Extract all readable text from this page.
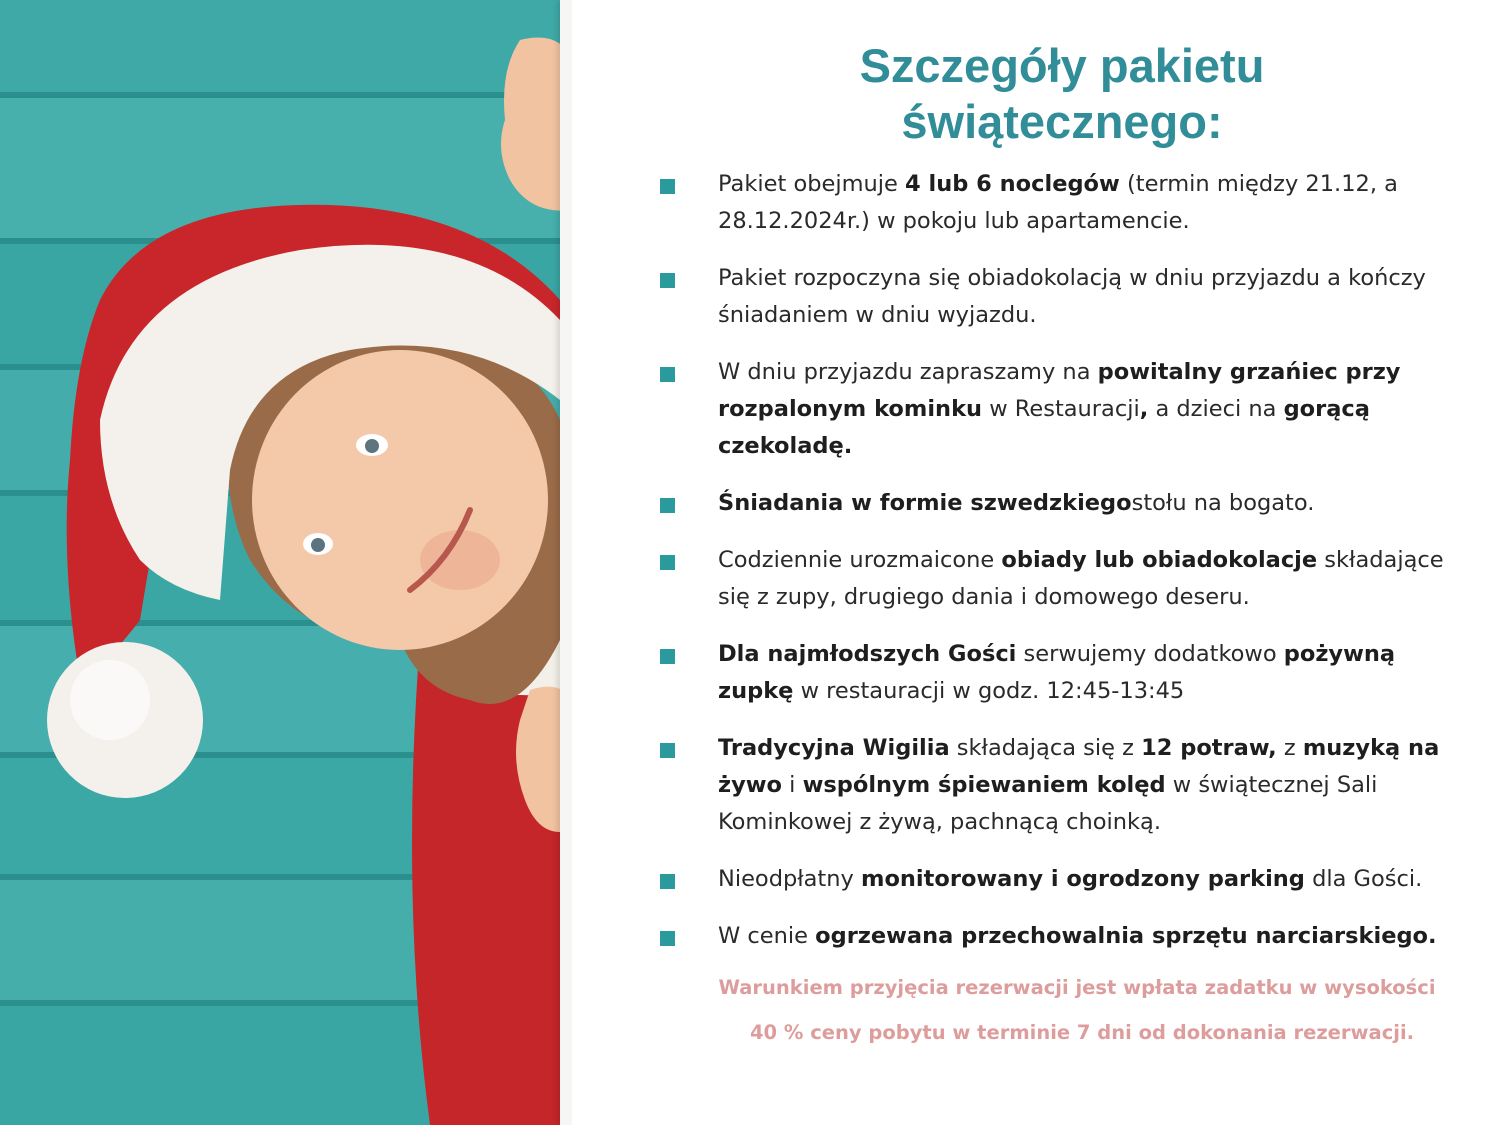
Szczegóły pakietu
świątecznego:
Pakiet obejmuje 4 lub 6 noclegów (termin między 21.12, a 28.12.2024r.) w pokoju lub apartamencie.
Pakiet rozpoczyna się obiadokolacją w dniu przyjazdu a kończy śniadaniem w dniu wyjazdu.
W dniu przyjazdu zapraszamy na powitalny grzańiec przy rozpalonym kominku w Restauracji, a dzieci na gorącą czekoladę.
Śniadania w formie szwedzkiegostołu na bogato.
Codziennie urozmaicone obiady lub obiadokolacje składające się z zupy, drugiego dania i domowego deseru.
Dla najmłodszych Gości serwujemy dodatkowo pożywną zupkę w restauracji w godz. 12:45-13:45
Tradycyjna Wigilia składająca się z 12 potraw, z muzyką na żywo i wspólnym śpiewaniem kolęd w świątecznej Sali Kominkowej z żywą, pachnącą choinką.
Nieodpłatny monitorowany i ogrodzony parking dla Gości.
W cenie ogrzewana przechowalnia sprzętu narciarskiego.

Warunkiem przyjęcia rezerwacji jest wpłata zadatku w wysokości

40 % ceny pobytu w terminie 7 dni od dokonania rezerwacji.
